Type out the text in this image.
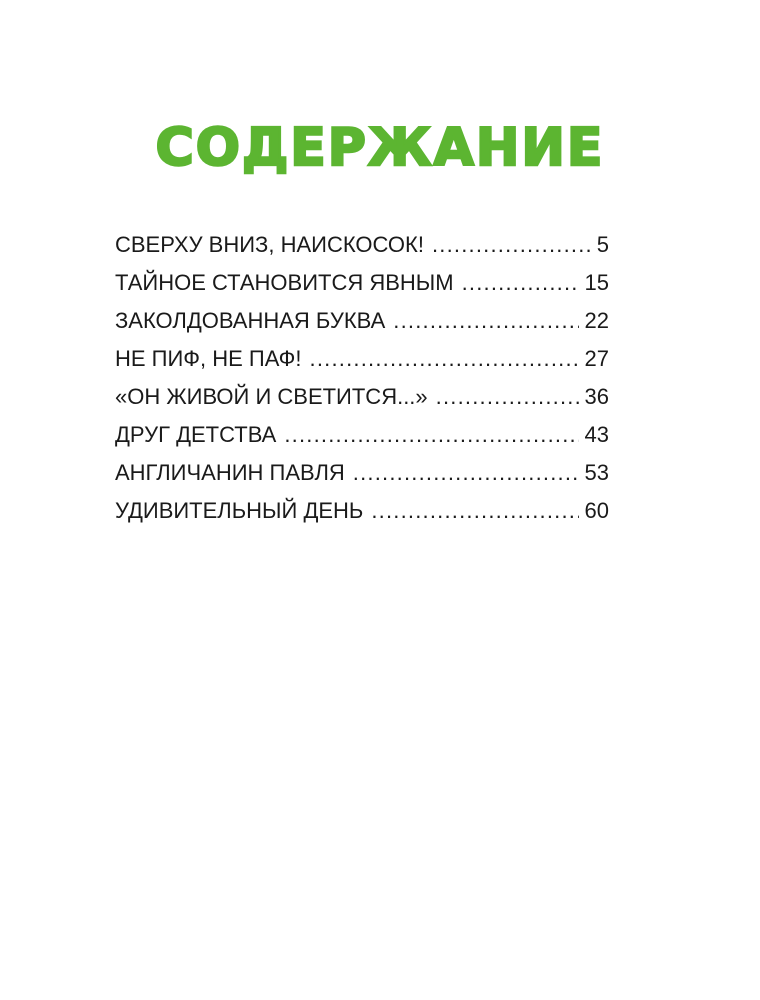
СОДЕРЖАНИЕ
СВЕРХУ ВНИЗ, НАИСКОСОК! .....	5
ТАЙНОЕ СТАНОВИТСЯ ЯВНЫМ .....	15
ЗАКОЛДОВАННАЯ БУКВА .....	22
НЕ ПИФ, НЕ ПАФ! .....	27
«ОН ЖИВОЙ И СВЕТИТСЯ...» .....	36
ДРУГ ДЕТСТВА .....	43
АНГЛИЧАНИН ПАВЛЯ .....	53
УДИВИТЕЛЬНЫЙ ДЕНЬ .....	60
